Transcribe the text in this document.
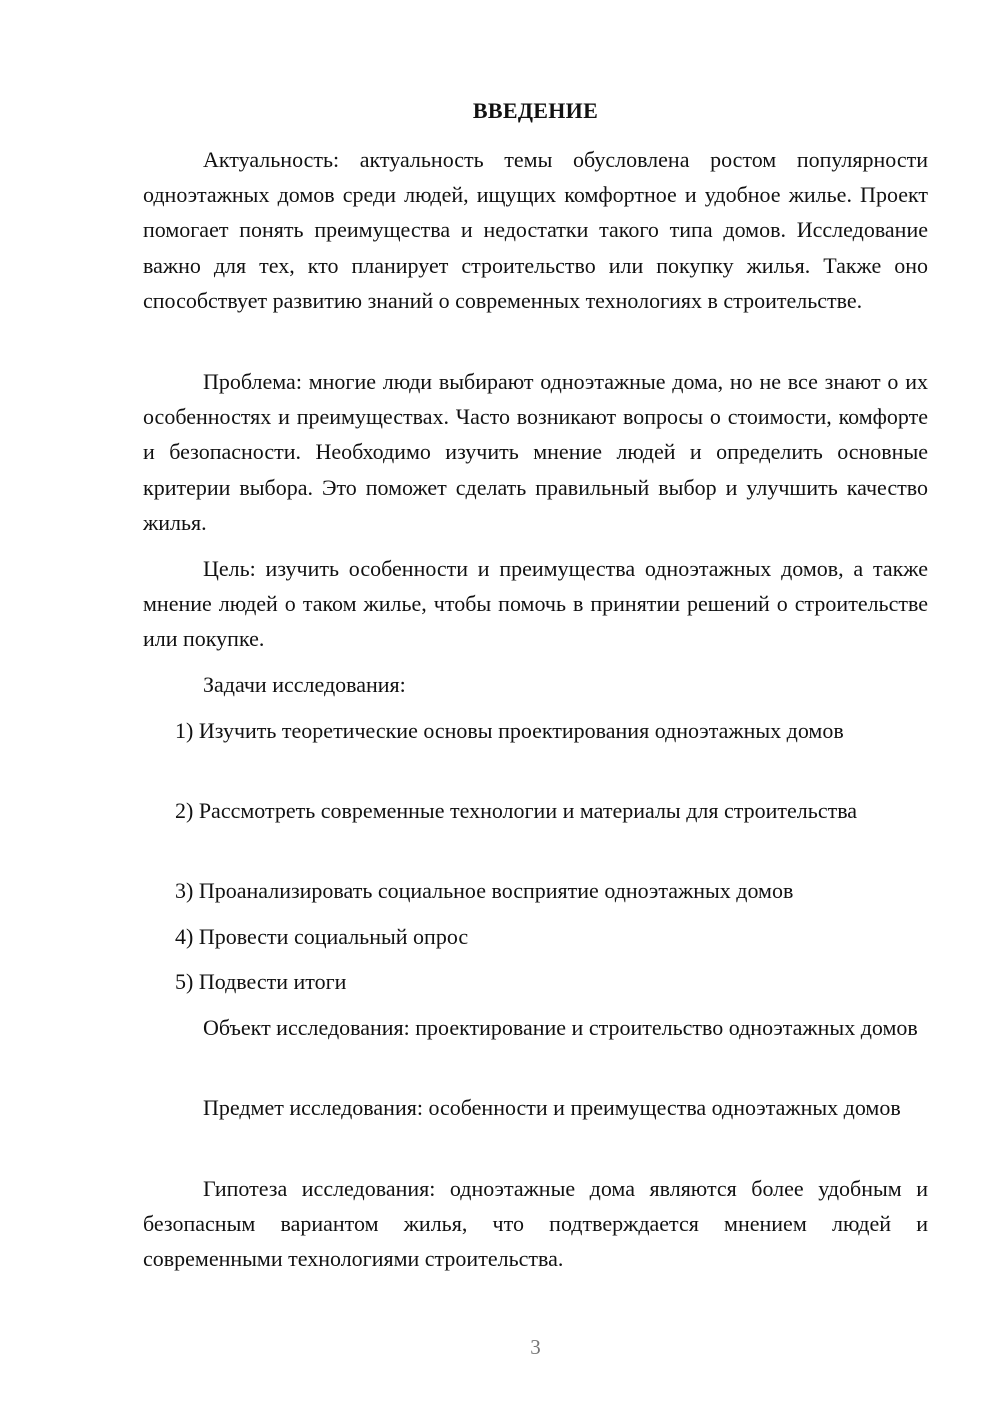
ВВЕДЕНИЕ

Актуальность: актуальность темы обусловлена ростом популярности одноэтажных домов среди людей, ищущих комфортное и удобное жилье. Проект помогает понять преимущества и недостатки такого типа домов. Исследование важно для тех, кто планирует строительство или покупку жилья. Также оно способствует развитию знаний о современных технологиях в строительстве.

Проблема: многие люди выбирают одноэтажные дома, но не все знают о их особенностях и преимуществах. Часто возникают вопросы о стоимости, комфорте и безопасности. Необходимо изучить мнение людей и определить основные критерии выбора. Это поможет сделать правильный выбор и улучшить качество жилья.

Цель: изучить особенности и преимущества одноэтажных домов, а также мнение людей о таком жилье, чтобы помочь в принятии решений о строительстве или покупке.

Задачи исследования:

1) Изучить теоретические основы проектирования одноэтажных домов

2) Рассмотреть современные технологии и материалы для строительства

3) Проанализировать социальное восприятие одноэтажных домов

4) Провести социальный опрос

5) Подвести итоги

Объект исследования: проектирование и строительство одноэтажных домов

Предмет исследования: особенности и преимущества одноэтажных домов

Гипотеза исследования: одноэтажные дома являются более удобным и безопасным вариантом жилья, что подтверждается мнением людей и современными технологиями строительства.

3
